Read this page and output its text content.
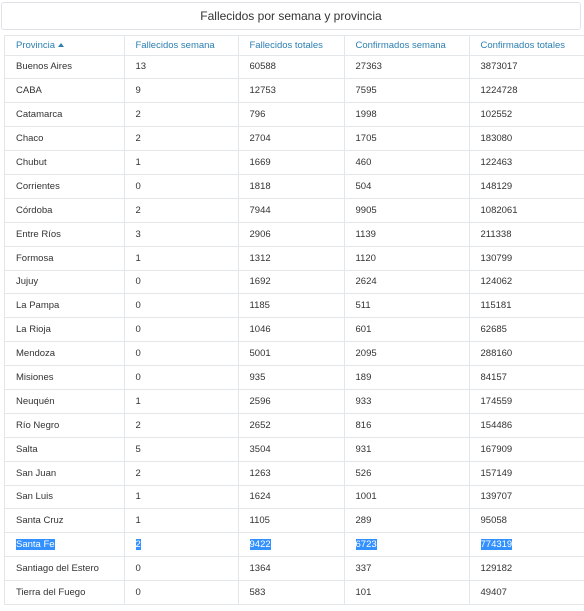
Fallecidos por semana y provincia
Provincia	Fallecidos semana	Fallecidos totales	Confirmados semana	Confirmados totales
Buenos Aires	13	60588	27363	3873017
CABA	9	12753	7595	1224728
Catamarca	2	796	1998	102552
Chaco	2	2704	1705	183080
Chubut	1	1669	460	122463
Corrientes	0	1818	504	148129
Córdoba	2	7944	9905	1082061
Entre Ríos	3	2906	1139	211338
Formosa	1	1312	1120	130799
Jujuy	0	1692	2624	124062
La Pampa	0	1185	511	115181
La Rioja	0	1046	601	62685
Mendoza	0	5001	2095	288160
Misiones	0	935	189	84157
Neuquén	1	2596	933	174559
Río Negro	2	2652	816	154486
Salta	5	3504	931	167909
San Juan	2	1263	526	157149
San Luis	1	1624	1001	139707
Santa Cruz	1	1105	289	95058
Santa Fe	2	9422	6723	774319
Santiago del Estero	0	1364	337	129182
Tierra del Fuego	0	583	101	49407
